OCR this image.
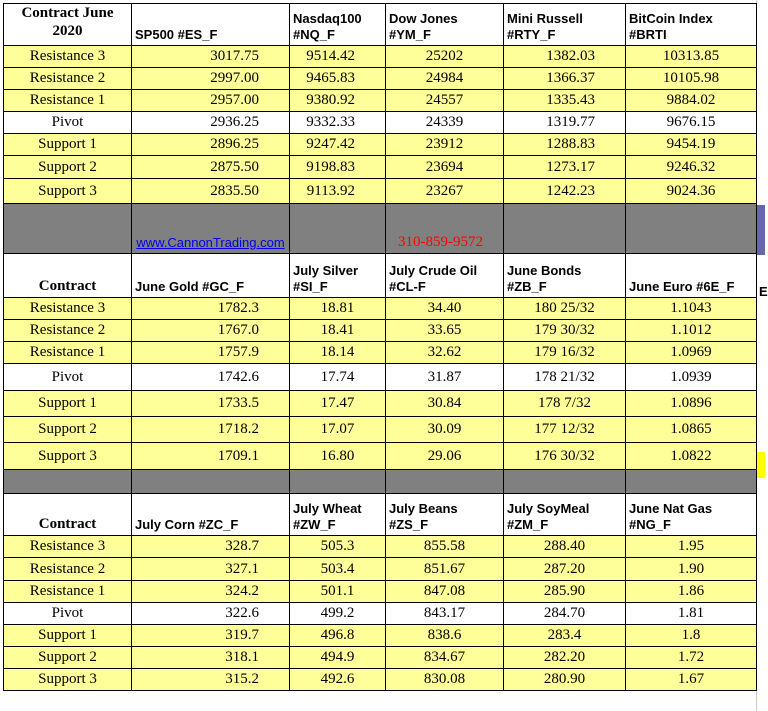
Contract June 2020	SP500 #ES_F	Nasdaq100 #NQ_F	Dow Jones #YM_F	Mini Russell #RTY_F	BitCoin Index #BRTI
Resistance 3	3017.75	9514.42	25202	1382.03	10313.85
Resistance 2	2997.00	9465.83	24984	1366.37	10105.98
Resistance 1	2957.00	9380.92	24557	1335.43	9884.02
Pivot	2936.25	9332.33	24339	1319.77	9676.15
Support 1	2896.25	9247.42	23912	1288.83	9454.19
Support 2	2875.50	9198.83	23694	1273.17	9246.32
Support 3	2835.50	9113.92	23267	1242.23	9024.36
	www.CannonTrading.com		310-859-9572		
Contract	June Gold #GC_F	July Silver #SI_F	July Crude Oil #CL-F	June Bonds #ZB_F	June Euro #6E_F
Resistance 3	1782.3	18.81	34.40	180 25/32	1.1043
Resistance 2	1767.0	18.41	33.65	179 30/32	1.1012
Resistance 1	1757.9	18.14	32.62	179 16/32	1.0969
Pivot	1742.6	17.74	31.87	178 21/32	1.0939
Support 1	1733.5	17.47	30.84	178 7/32	1.0896
Support 2	1718.2	17.07	30.09	177 12/32	1.0865
Support 3	1709.1	16.80	29.06	176 30/32	1.0822

Contract	July Corn #ZC_F	July Wheat #ZW_F	July Beans #ZS_F	July SoyMeal #ZM_F	June Nat Gas #NG_F
Resistance 3	328.7	505.3	855.58	288.40	1.95
Resistance 2	327.1	503.4	851.67	287.20	1.90
Resistance 1	324.2	501.1	847.08	285.90	1.86
Pivot	322.6	499.2	843.17	284.70	1.81
Support 1	319.7	496.8	838.6	283.4	1.8
Support 2	318.1	494.9	834.67	282.20	1.72
Support 3	315.2	492.6	830.08	280.90	1.67
E
